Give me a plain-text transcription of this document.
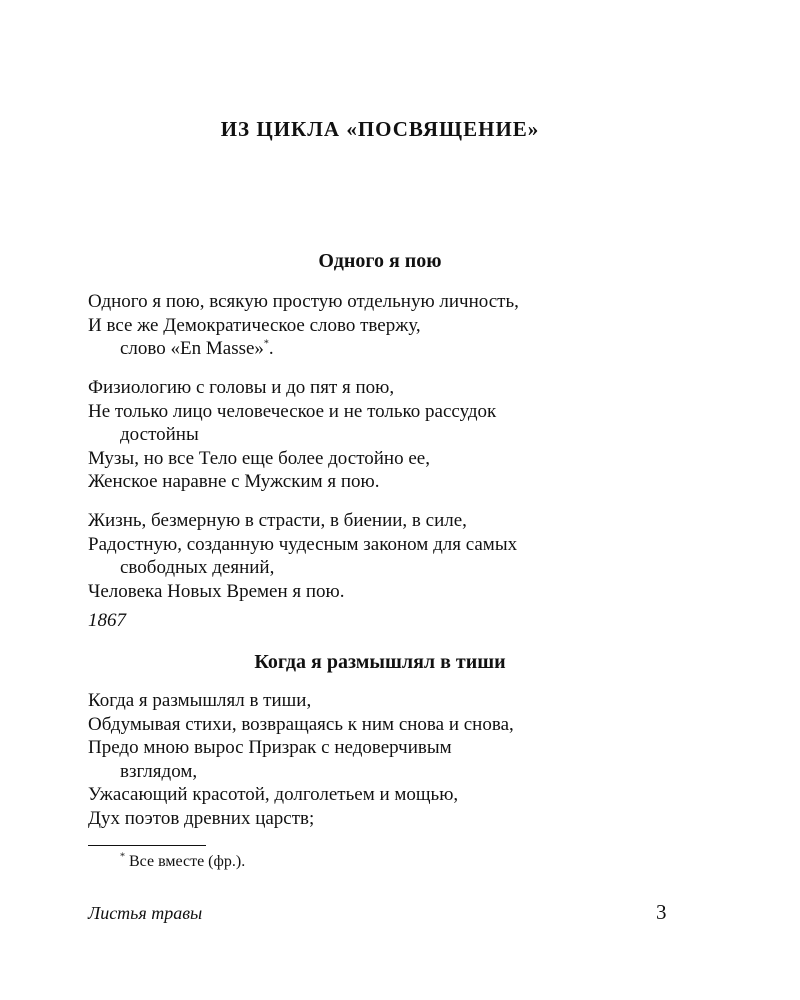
ИЗ ЦИКЛА «ПОСВЯЩЕНИЕ»
Одного я пою
Одного я пою, всякую простую отдельную личность,
И все же Демократическое слово твержу,
слово «En Masse»*.
Физиологию с головы и до пят я пою,
Не только лицо человеческое и не только рассудок
достойны
Музы, но все Тело еще более достойно ее,
Женское наравне с Мужским я пою.
Жизнь, безмерную в страсти, в биении, в силе,
Радостную, созданную чудесным законом для самых
свободных деяний,
Человека Новых Времен я пою.
1867
Когда я размышлял в тиши
Когда я размышлял в тиши,
Обдумывая стихи, возвращаясь к ним снова и снова,
Предо мною вырос Призрак с недоверчивым
взглядом,
Ужасающий красотой, долголетьем и мощью,
Дух поэтов древних царств;
* Все вместе (фр.).
Листья травы	3
